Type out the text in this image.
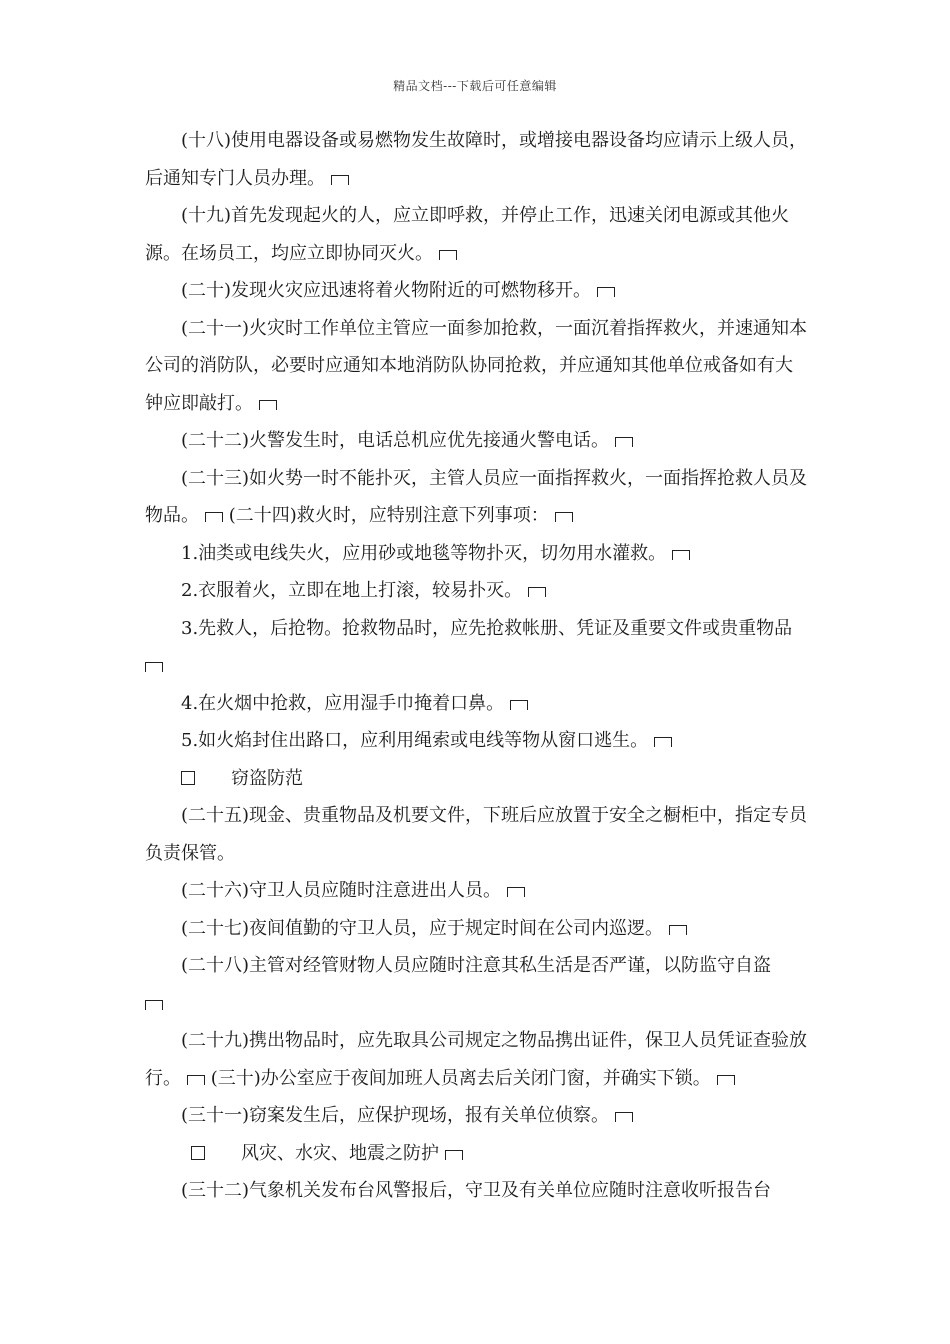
精品文档---下载后可任意编辑

(十八)使用电器设备或易燃物发生故障时，或增接电器设备均应请示上级人员，后通知专门人员办理。

(十九)首先发现起火的人，应立即呼救，并停止工作，迅速关闭电源或其他火源。在场员工，均应立即协同灭火。

(二十)发现火灾应迅速将着火物附近的可燃物移开。

(二十一)火灾时工作单位主管应一面参加抢救，一面沉着指挥救火，并速通知本公司的消防队，必要时应通知本地消防队协同抢救，并应通知其他单位戒备如有大钟应即敲打。

(二十二)火警发生时，电话总机应优先接通火警电话。

(二十三)如火势一时不能扑灭，主管人员应一面指挥救火，一面指挥抢救人员及物品。 (二十四)救火时，应特别注意下列事项：

1.油类或电线失火，应用砂或地毯等物扑灭，切勿用水灌救。

2.衣服着火，立即在地上打滚，较易扑灭。

3.先救人，后抢物。抢救物品时，应先抢救帐册、凭证及重要文件或贵重物品

4.在火烟中抢救，应用湿手巾掩着口鼻。

5.如火焰封住出路口，应利用绳索或电线等物从窗口逃生。

窃盗防范

(二十五)现金、贵重物品及机要文件，下班后应放置于安全之橱柜中，指定专员负责保管。

(二十六)守卫人员应随时注意进出人员。

(二十七)夜间值勤的守卫人员，应于规定时间在公司内巡逻。

(二十八)主管对经管财物人员应随时注意其私生活是否严谨，以防监守自盗

(二十九)携出物品时，应先取具公司规定之物品携出证件，保卫人员凭证查验放行。 (三十)办公室应于夜间加班人员离去后关闭门窗，并确实下锁。

(三十一)窃案发生后，应保护现场，报有关单位侦察。

风灾、水灾、地震之防护

(三十二)气象机关发布台风警报后，守卫及有关单位应随时注意收听报告台
